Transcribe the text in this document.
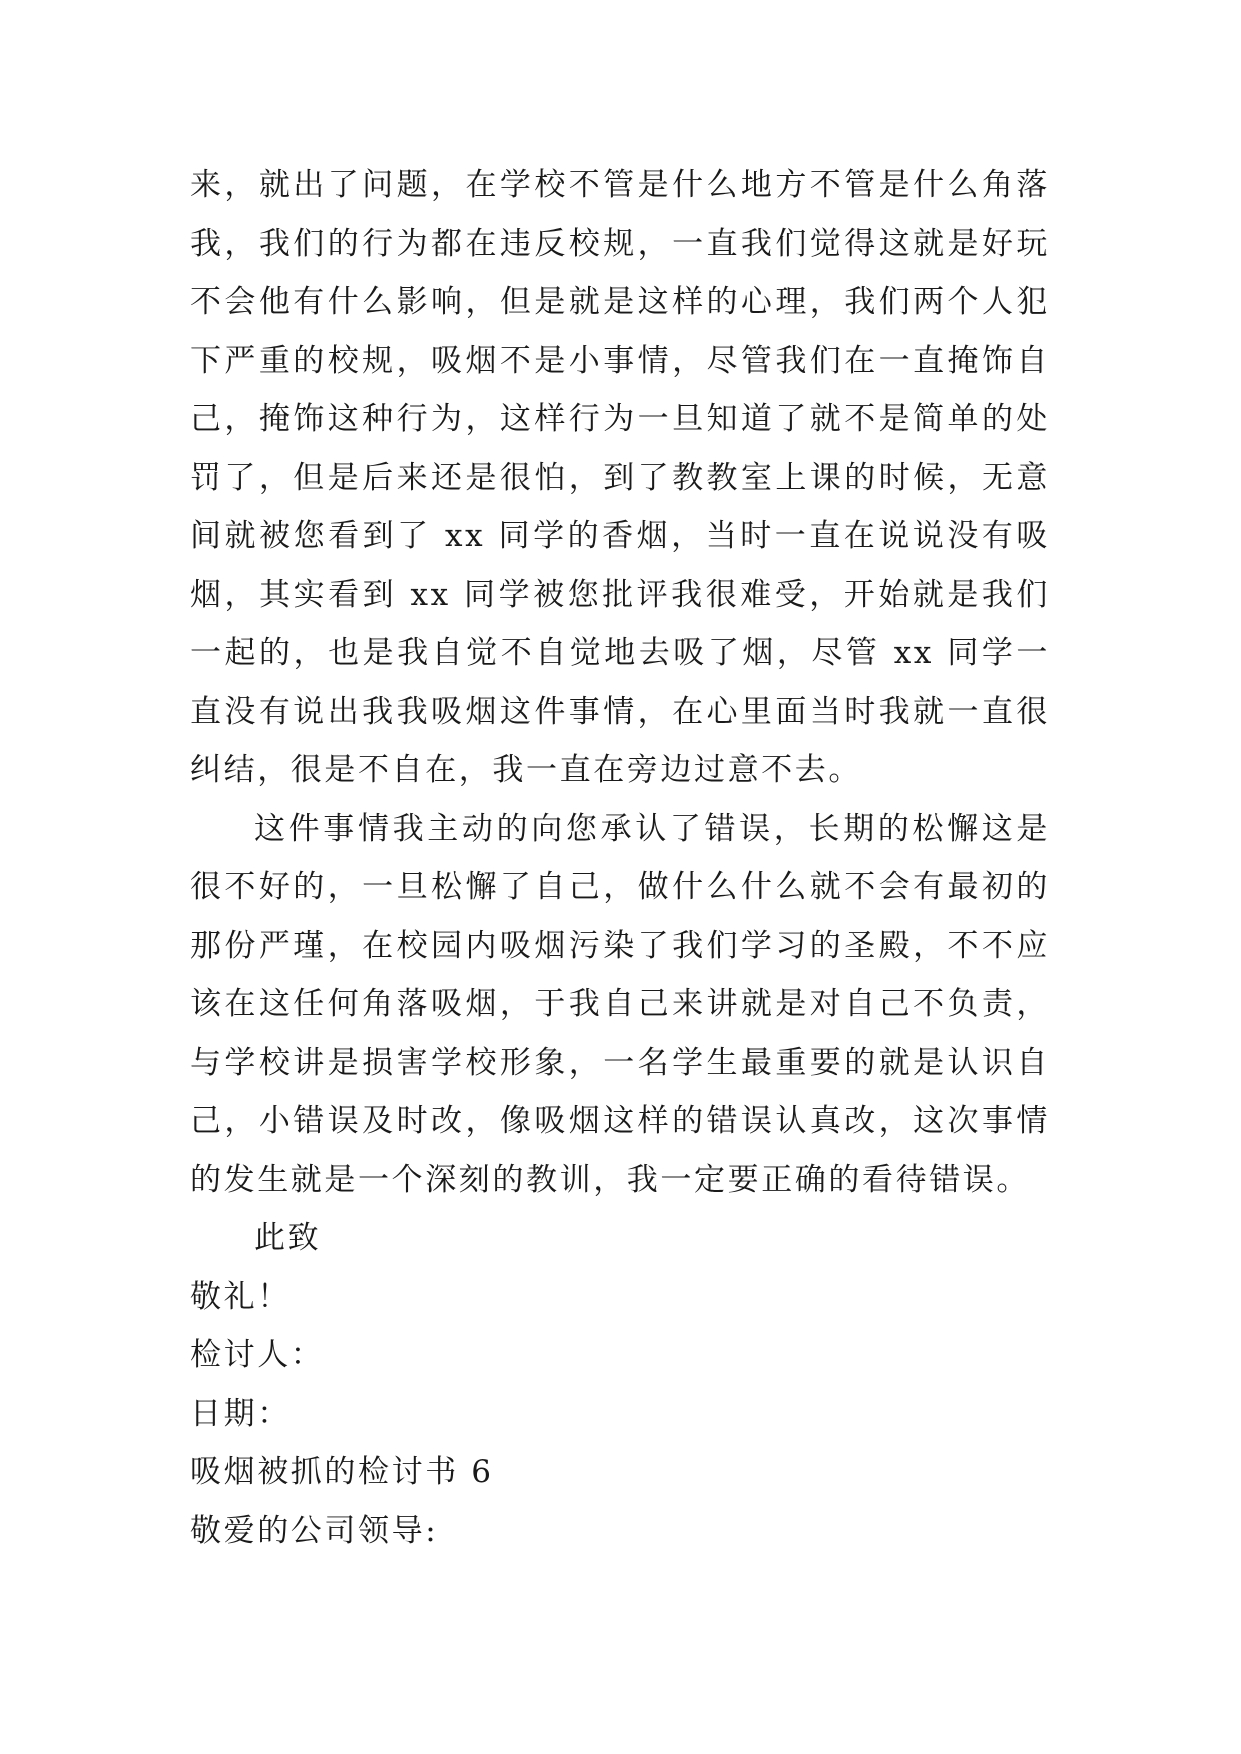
来，就出了问题，在学校不管是什么地方不管是什么角落我，我们的行为都在违反校规，一直我们觉得这就是好玩不会他有什么影响，但是就是这样的心理，我们两个人犯下严重的校规，吸烟不是小事情，尽管我们在一直掩饰自己，掩饰这种行为，这样行为一旦知道了就不是简单的处罚了，但是后来还是很怕，到了教教室上课的时候，无意间就被您看到了 xx 同学的香烟，当时一直在说说没有吸烟，其实看到 xx 同学被您批评我很难受，开始就是我们一起的，也是我自觉不自觉地去吸了烟，尽管 xx 同学一直没有说出我我吸烟这件事情，在心里面当时我就一直很纠结，很是不自在，我一直在旁边过意不去。

这件事情我主动的向您承认了错误，长期的松懈这是很不好的，一旦松懈了自己，做什么什么就不会有最初的那份严瑾，在校园内吸烟污染了我们学习的圣殿，不不应该在这任何角落吸烟，于我自己来讲就是对自己不负责，与学校讲是损害学校形象，一名学生最重要的就是认识自己，小错误及时改，像吸烟这样的错误认真改，这次事情的发生就是一个深刻的教训，我一定要正确的看待错误。

此致

敬礼！

检讨人：

日期：

吸烟被抓的检讨书 6

敬爱的公司领导:
